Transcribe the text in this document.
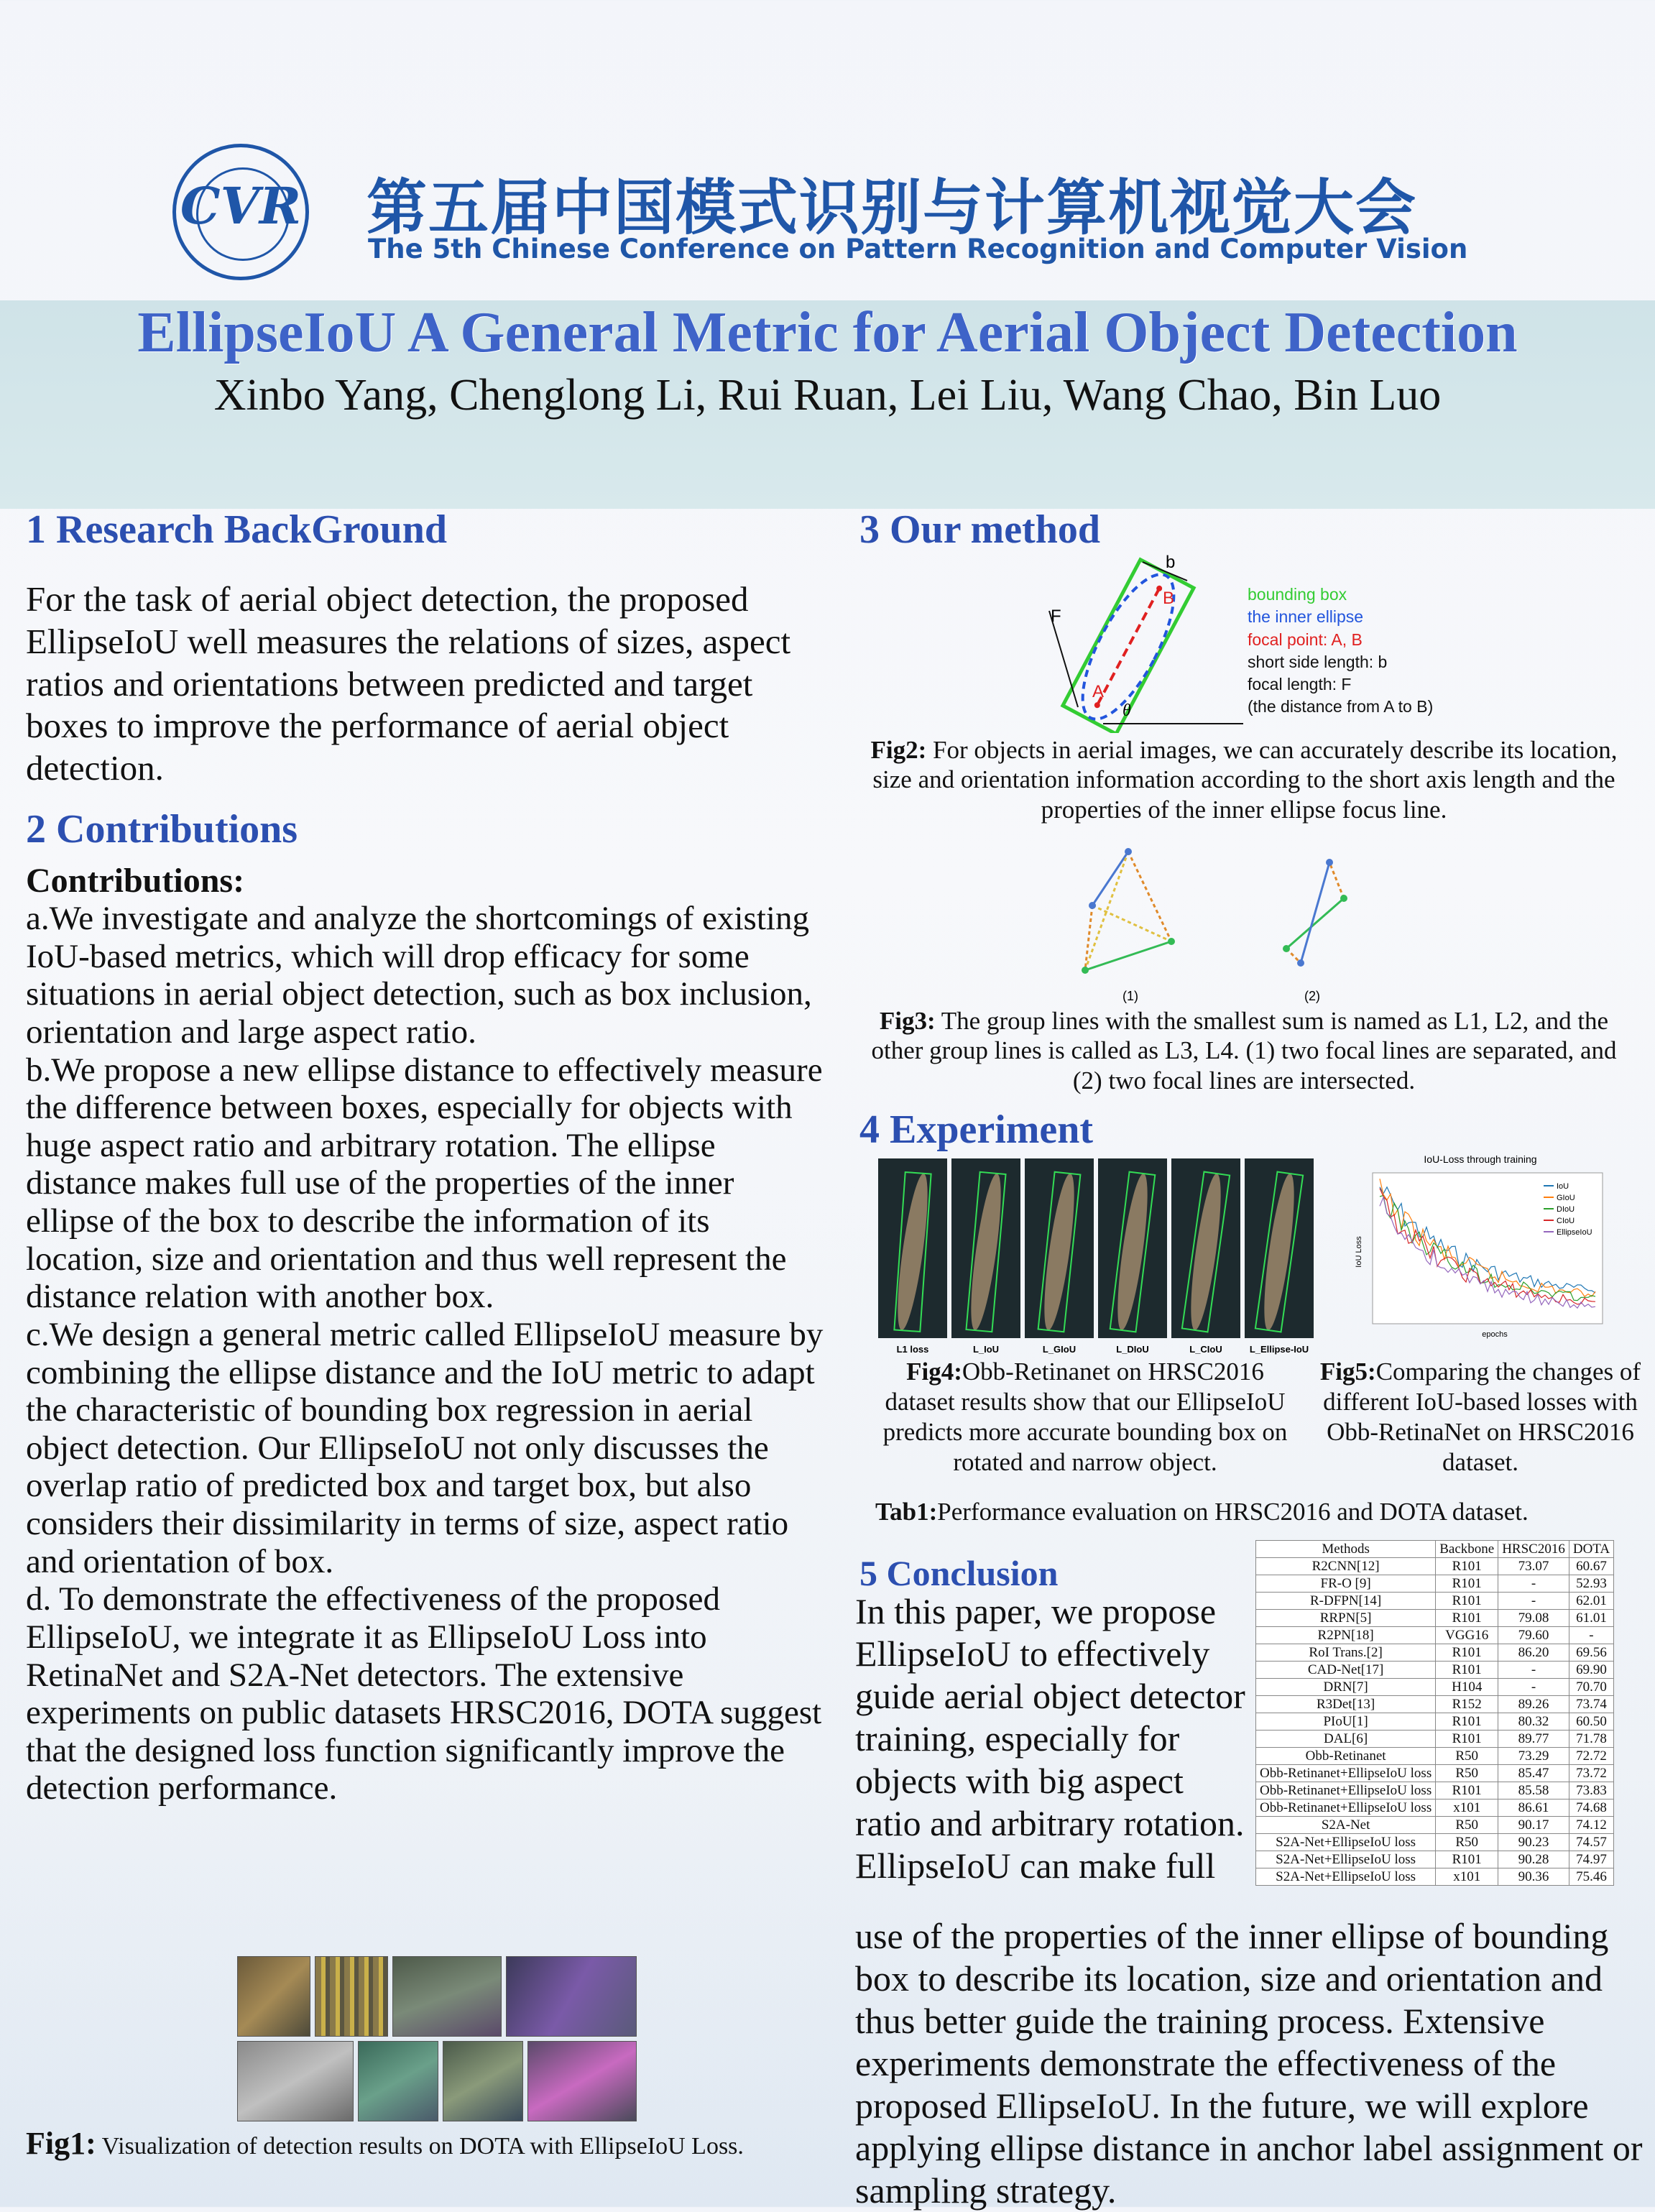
CVR 第五届中国模式识别与计算机视觉大会
The 5th Chinese Conference on Pattern Recognition and Computer Vision
EllipseIoU A General Metric for Aerial Object Detection
Xinbo Yang, Chenglong Li, Rui Ruan, Lei Liu, Wang Chao, Bin Luo
1 Research BackGround
For the task of aerial object detection, the proposed EllipseIoU well measures the relations of sizes, aspect ratios and orientations between predicted and target boxes to improve the performance of aerial object detection.
2 Contributions
Contributions:

a.We investigate and analyze the shortcomings of existing IoU-based metrics, which will drop efficacy for some situations in aerial object detection, such as box inclusion, orientation and large aspect ratio.

b.We propose a new ellipse distance to effectively measure the difference between boxes, especially for objects with huge aspect ratio and arbitrary rotation. The ellipse distance makes full use of the properties of the inner ellipse of the box to describe the information of its location, size and orientation and thus well represent the distance relation with another box.

c.We design a general metric called EllipseIoU measure by combining the ellipse distance and the IoU metric to adapt the characteristic of bounding box regression in aerial object detection. Our EllipseIoU not only discusses the overlap ratio of predicted box and target box, but also considers their dissimilarity in terms of size, aspect ratio and orientation of box.

d. To demonstrate the effectiveness of the proposed EllipseIoU, we integrate it as EllipseIoU Loss into RetinaNet and S2A-Net detectors. The extensive experiments on public datasets HRSC2016, DOTA suggest that the designed loss function significantly improve the detection performance.

Fig1: Visualization of detection results on DOTA with EllipseIoU Loss.
3 Our method
F
b
B
A
θ
bounding box
the inner ellipse
focal point: A, B
short side length: b
focal length: F
(the distance from A to B)
Fig2: For objects in aerial images, we can accurately describe its location, size and orientation information according to the short axis length and the properties of the inner ellipse focus line.
(1)	(2)
Fig3: The group lines with the smallest sum is named as L1, L2, and the other group lines is called as L3, L4. (1) two focal lines are separated, and (2) two focal lines are intersected.
4 Experiment
L1 loss	L_IoU	L_GIoU	L_DIoU	L_CIoU	L_Ellipse-IoU
Fig4:Obb-Retinanet on HRSC2016 dataset results show that our EllipseIoU predicts more accurate bounding box on rotated and narrow object.
IoU-Loss through training
IoU
GIoU
DIoU
CIoU
EllipseIoU
epochs
IoU Loss
Fig5:Comparing the changes of different IoU-based losses with Obb-RetinaNet on HRSC2016 dataset.
Tab1:Performance evaluation on HRSC2016 and DOTA dataset.
5 Conclusion
In this paper, we propose EllipseIoU to effectively guide aerial object detector training, especially for objects with big aspect ratio and arbitrary rotation. EllipseIoU can make full
use of the properties of the inner ellipse of bounding box to describe its location, size and orientation and thus better guide the training process. Extensive experiments demonstrate the effectiveness of the proposed EllipseIoU. In the future, we will explore applying ellipse distance in anchor label assignment or sampling strategy.
Methods	Backbone	HRSC2016	DOTA
R2CNN[12]	R101	73.07	60.67
FR-O [9]	R101	-	52.93
R-DFPN[14]	R101	-	62.01
RRPN[5]	R101	79.08	61.01
R2PN[18]	VGG16	79.60	-
RoI Trans.[2]	R101	86.20	69.56
CAD-Net[17]	R101	-	69.90
DRN[7]	H104	-	70.70
R3Det[13]	R152	89.26	73.74
PIoU[1]	R101	80.32	60.50
DAL[6]	R101	89.77	71.78
Obb-Retinanet	R50	73.29	72.72
Obb-Retinanet+EllipseIoU loss	R50	85.47	73.72
Obb-Retinanet+EllipseIoU loss	R101	85.58	73.83
Obb-Retinanet+EllipseIoU loss	x101	86.61	74.68
S2A-Net	R50	90.17	74.12
S2A-Net+EllipseIoU loss	R50	90.23	74.57
S2A-Net+EllipseIoU loss	R101	90.28	74.97
S2A-Net+EllipseIoU loss	x101	90.36	75.46
